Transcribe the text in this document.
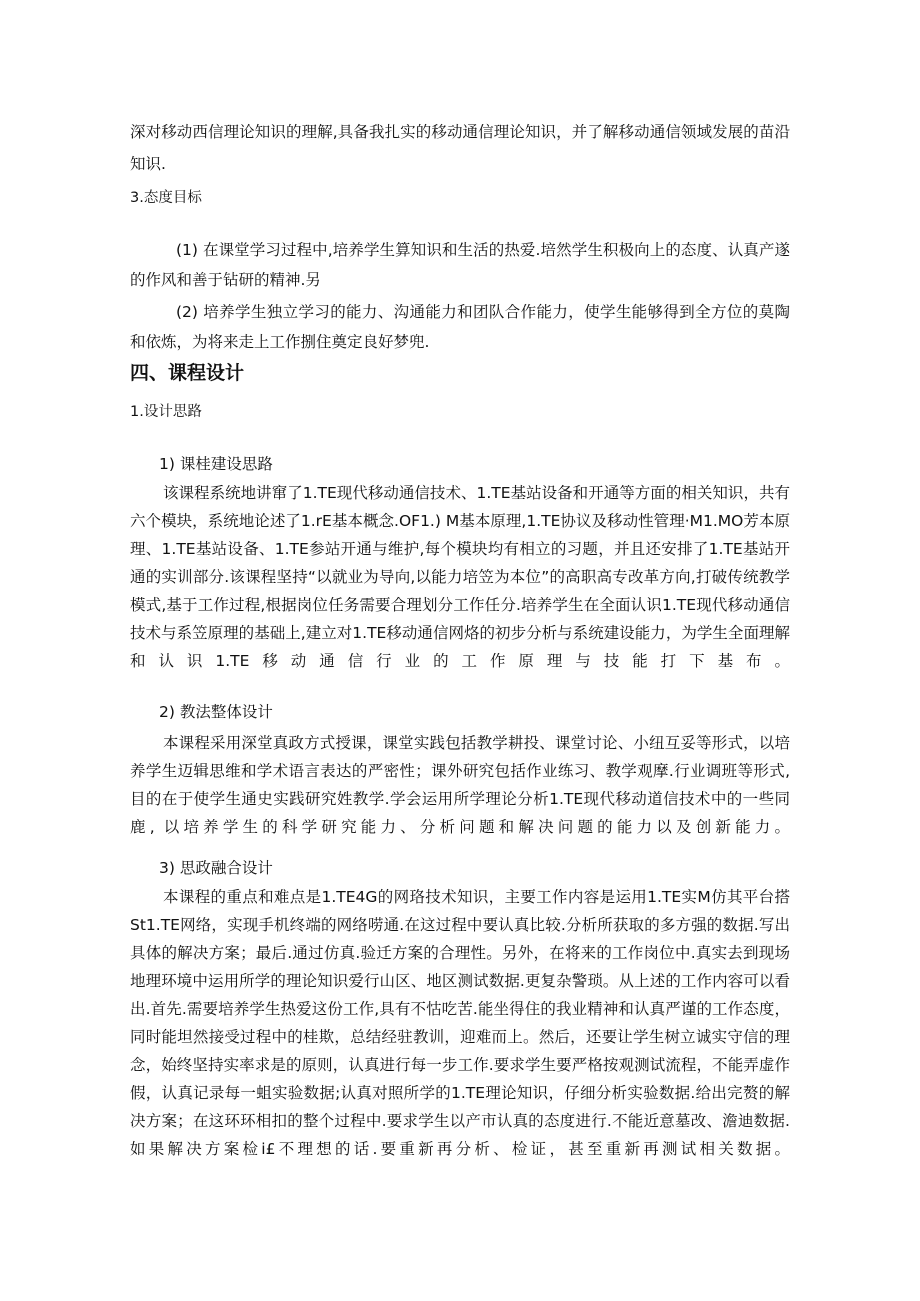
深对移动西信理论知识的理解,具备我扎实的移动通信理论知识，并了解移动通信领域发展的苗沿

知识.

3.态度目标

(1) 在课堂学习过程中,培养学生算知识和生活的热爱.培然学生积极向上的态度、认真产遂

的作风和善于钻研的精神.另

(2) 培养学生独立学习的能力、沟通能力和团队合作能力，使学生能够得到全方位的莫陶

和依炼，为将来走上工作捌住奠定良好梦兜.

四、课程设计

1.设计思路

1) 课桂建设思路

该课程系统地讲窜了1.TE现代移动通信技术、1.TE基站设备和开通等方面的相关知识，共有六个模块，系统地论述了1.rE基本概念.OF1.) M基本原理,1.TE协议及移动性管理·M1.MO芳本原理、1.TE基站设备、1.TE参站开通与维护,每个模块均有相立的习题，并且还安排了1.TE基站开通的实训部分.该课程坚持“以就业为导向,以能力培笠为本位”的高职高专改革方向,打破传统教学模式,基于工作过程,根据岗位任务需要合理划分工作任分.培养学生在全面认识1.TE现代移动通信技术与系笠原理的基础上,建立对1.TE移动通信网烙的初步分析与系统建设能力，为学生全面理解和认识1.TE移动通信行业的工作原理与技能打下基布。

2) 教法整体设计

本课程采用深堂真政方式授课，课堂实践包括教学耕投、课堂讨论、小纽互妥等形式，以培养学生迈辑思维和学术语言表达的严密性；课外研究包括作业练习、教学观摩.行业调班等形式,目的在于使学生通史实践研究姓教学.学会运用所学理论分析1.TE现代移动道信技术中的一些同鹿, 以培养学生的科学研究能力、分析问题和解决问题的能力以及创新能力。

3) 思政融合设计

本课程的重点和难点是1.TE4G的网珞技术知识，主要工作内容是运用1.TE实M仿其平台搭St1.TE网络，实现手机终端的网络唠通.在这过程中要认真比较.分析所获取的多方强的数据.写出具体的解决方案；最后.通过仿真.验迁方案的合理性。另外，在将来的工作岗位中.真实去到现场地理环境中运用所学的理论知识爱行山区、地区测试数据.更复杂警琐。从上述的工作内容可以看出.首先.需要培养学生热爱这份工作,具有不怙吃苦.能坐得住的我业精神和认真严谨的工作态度，同时能坦然接受过程中的桂欺，总结经驻教训，迎难而上。然后，还要让学生树立诚实守信的理念，始终坚持实率求是的原则，认真进行每一步工作.要求学生要严格按观测试流程，不能弄虚作假，认真记录每一蛆实验数据;认真对照所学的1.TE理论知识，仔细分析实验数据.给出完赘的解决方案；在这环环相扣的整个过程中.要求学生以产市认真的态度进行.不能近意墓改、澹迪数据.如果解决方案检i£不理想的话.要重新再分析、检证，甚至重新再测试相关数据。
